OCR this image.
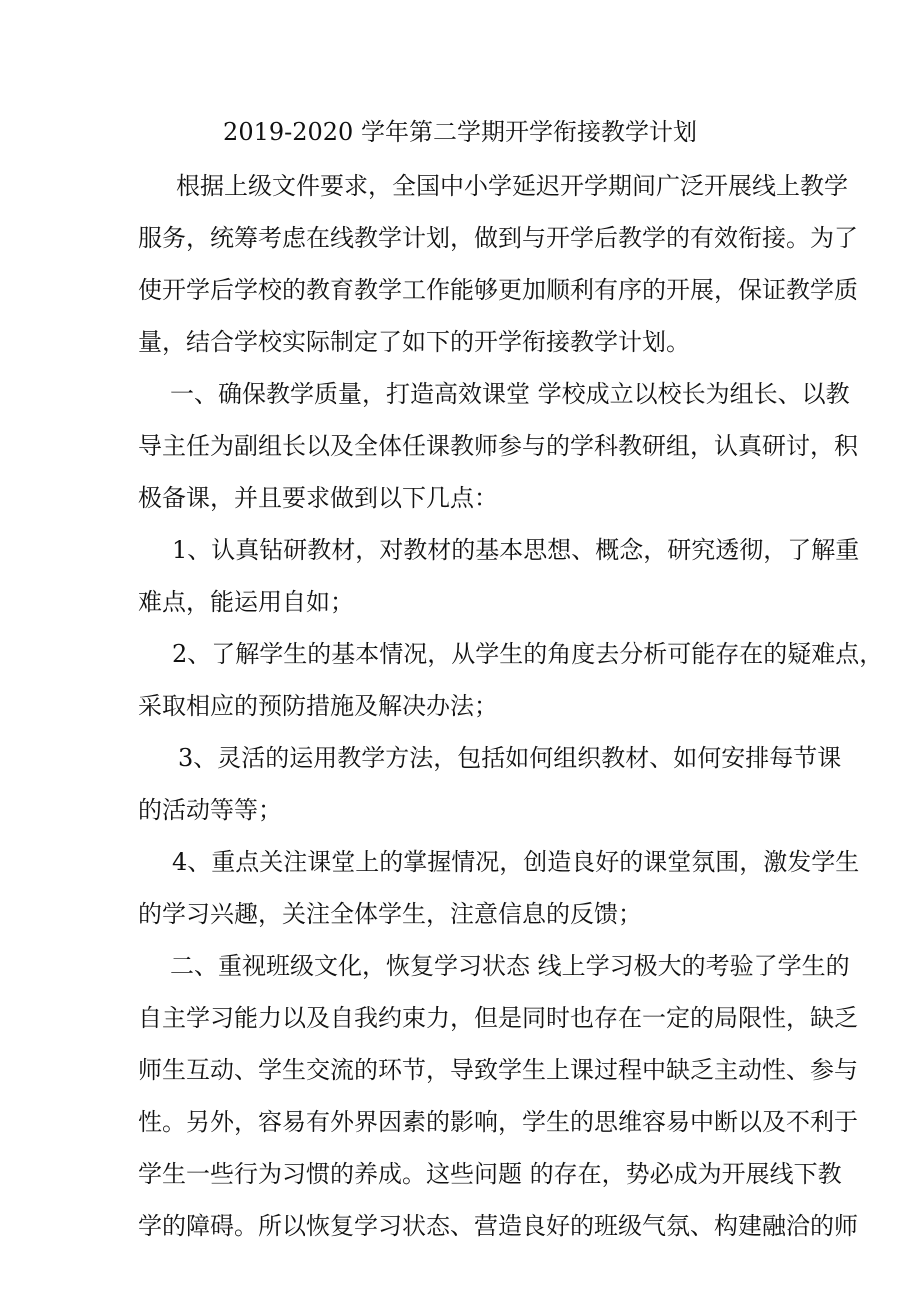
2019-2020 学年第二学期开学衔接教学计划
根据上级文件要求，全国中小学延迟开学期间广泛开展线上教学
服务，统筹考虑在线教学计划，做到与开学后教学的有效衔接。为了
使开学后学校的教育教学工作能够更加顺利有序的开展，保证教学质
量，结合学校实际制定了如下的开学衔接教学计划。
一、确保教学质量，打造高效课堂 学校成立以校长为组长、以教
导主任为副组长以及全体任课教师参与的学科教研组，认真研讨，积
极备课，并且要求做到以下几点：
1、认真钻研教材，对教材的基本思想、概念，研究透彻，了解重
难点，能运用自如；
2、了解学生的基本情况，从学生的角度去分析可能存在的疑难点，
采取相应的预防措施及解决办法；
3、灵活的运用教学方法，包括如何组织教材、如何安排每节课
的活动等等；
4、重点关注课堂上的掌握情况，创造良好的课堂氛围，激发学生
的学习兴趣，关注全体学生，注意信息的反馈；
二、重视班级文化，恢复学习状态 线上学习极大的考验了学生的
自主学习能力以及自我约束力，但是同时也存在一定的局限性，缺乏
师生互动、学生交流的环节，导致学生上课过程中缺乏主动性、参与
性。另外，容易有外界因素的影响，学生的思维容易中断以及不利于
学生一些行为习惯的养成。这些问题 的存在，势必成为开展线下教
学的障碍。所以恢复学习状态、营造良好的班级气氛、构建融洽的师
